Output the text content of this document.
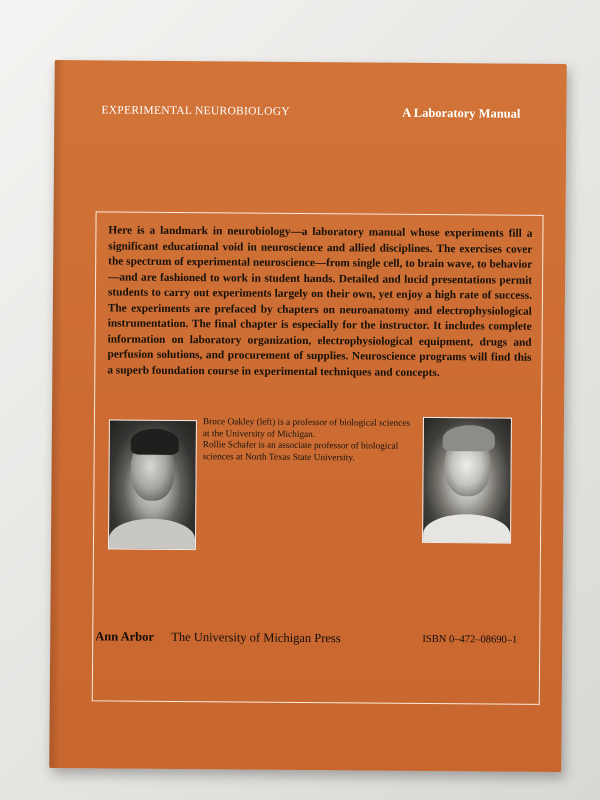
EXPERIMENTAL NEUROBIOLOGY	A Laboratory Manual

Here is a landmark in neurobiology—a laboratory manual whose experiments fill a significant educational void in neuroscience and allied disciplines. The exercises cover the spectrum of experimental neuroscience—from single cell, to brain wave, to behavior—and are fashioned to work in student hands. Detailed and lucid presentations permit students to carry out experiments largely on their own, yet enjoy a high rate of success. The experiments are prefaced by chapters on neuroanatomy and electrophysiological instrumentation. The final chapter is especially for the instructor. It includes complete information on laboratory organization, electrophysiological equipment, drugs and perfusion solutions, and procurement of supplies. Neuroscience programs will find this a superb foundation course in experimental techniques and concepts.

Bruce Oakley (left) is a professor of biological sciences at the University of Michigan.

Rollie Schafer is an associate professor of biological sciences at North Texas State University.

Ann Arbor The University of Michigan Press	ISBN 0–472–08690–1
